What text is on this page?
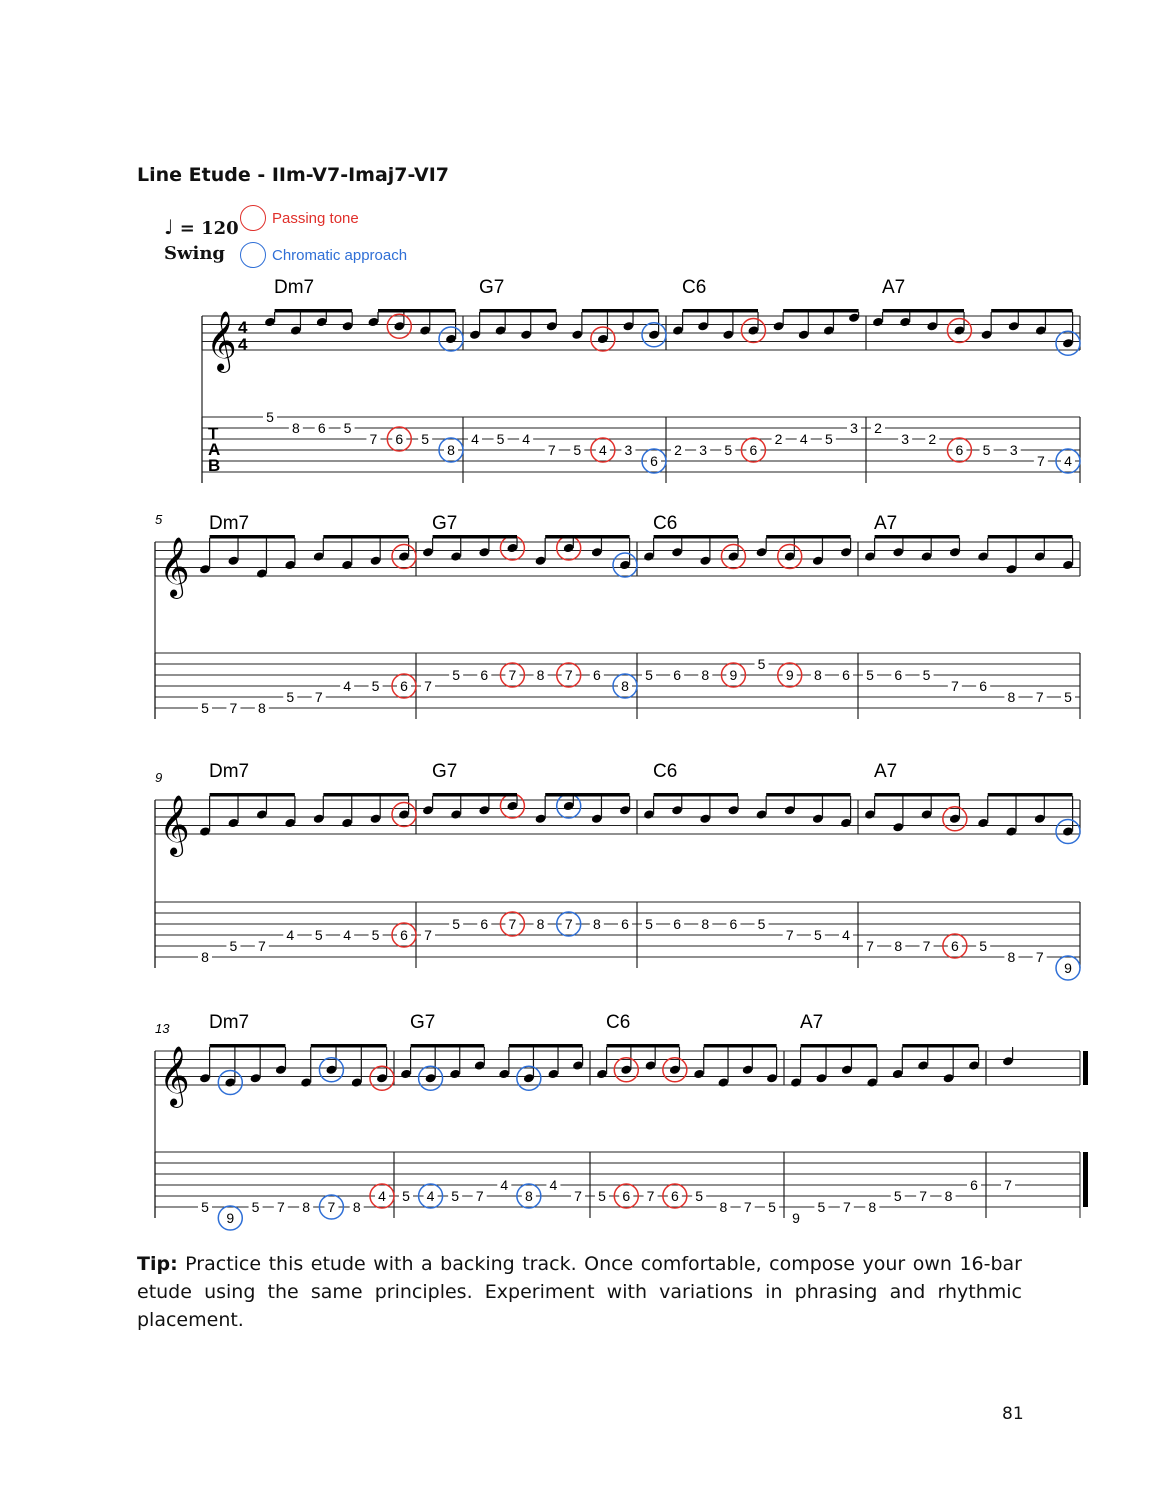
Line Etude - IIm-V7-Imaj7-VI7
Passing tone
Chromatic approach
♩ = 120
Swing
𝄞 4
4
T
A
B
Dm7
5
8 6 5
7 6 5
8
G7
4 5 4
7 5 4 3
6
C6
2 3 5 6
2 4 5
3
A7
2
3 2
6 5 3
7 4
5
𝄞
Dm7
5 7 8
5 7
4 5 6
G7
7
5 6 7 8 7 6
8
C6
5 6 8 9
5
9 8 6
A7
5 6 5
7 6
8 7 5
9
𝄞
Dm7
8
5 7
4 5 4 5 6
G7
7
5 6 7 8 7 8 6
C6
5 6 8 6 5
7 5 4
A7
7 8 7 6 5
8 7
9
13
𝄞
Dm7
5
9
5 7 8 7 8
4
G7
5 4 5 7
4
8
4
7
C6
5 6 7 6 5
8 7 5
A7
9
5 7 8
5 7 8
6 7

Tip: Practice this etude with a backing track. Once comfortable, compose your own 16-bar etude using the same principles. Experiment with variations in phrasing and rhythmic placement.

81
